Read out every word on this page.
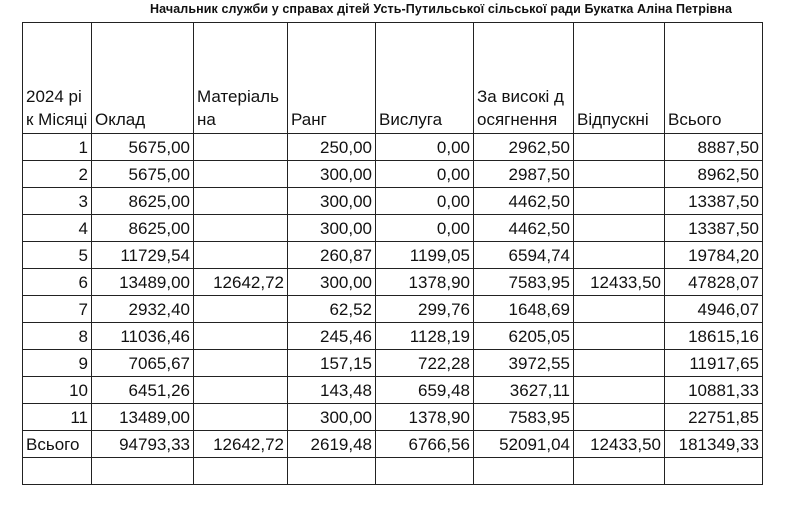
Начальник служби у справах дітей Усть-Путильської сільської ради Букатка Аліна Петрівна
2024 рік Місяці	Оклад	Матеріальна	Ранг	Вислуга	За високі досягнення	Відпускні	Всього
1	5675,00		250,00	0,00	2962,50		8887,50
2	5675,00		300,00	0,00	2987,50		8962,50
3	8625,00		300,00	0,00	4462,50		13387,50
4	8625,00		300,00	0,00	4462,50		13387,50
5	11729,54		260,87	1199,05	6594,74		19784,20
6	13489,00	12642,72	300,00	1378,90	7583,95	12433,50	47828,07
7	2932,40		62,52	299,76	1648,69		4946,07
8	11036,46		245,46	1128,19	6205,05		18615,16
9	7065,67		157,15	722,28	3972,55		11917,65
10	6451,26		143,48	659,48	3627,11		10881,33
11	13489,00		300,00	1378,90	7583,95		22751,85
Всього	94793,33	12642,72	2619,48	6766,56	52091,04	12433,50	181349,33
